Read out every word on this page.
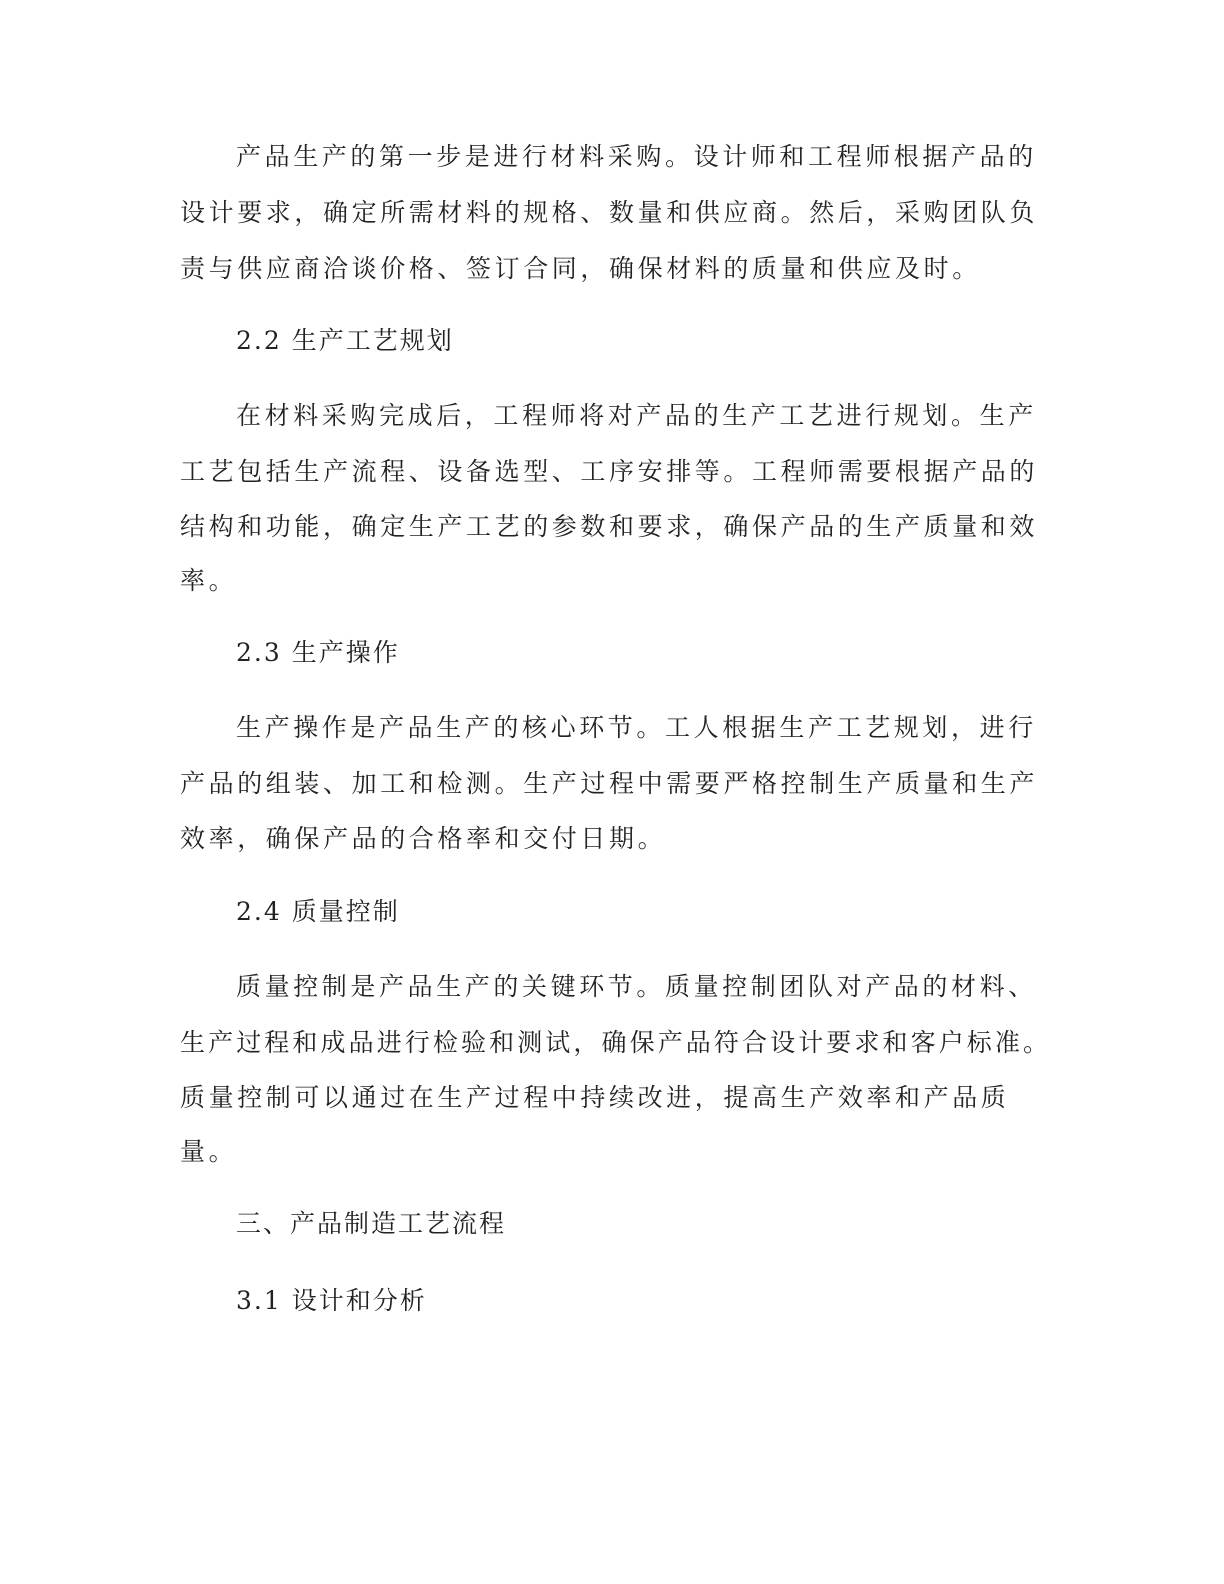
产品生产的第一步是进行材料采购。设计师和工程师根据产品的
设计要求，确定所需材料的规格、数量和供应商。然后，采购团队负
责与供应商洽谈价格、签订合同，确保材料的质量和供应及时。
2.2 生产工艺规划
在材料采购完成后，工程师将对产品的生产工艺进行规划。生产
工艺包括生产流程、设备选型、工序安排等。工程师需要根据产品的
结构和功能，确定生产工艺的参数和要求，确保产品的生产质量和效
率。
2.3 生产操作
生产操作是产品生产的核心环节。工人根据生产工艺规划，进行
产品的组装、加工和检测。生产过程中需要严格控制生产质量和生产
效率，确保产品的合格率和交付日期。
2.4 质量控制
质量控制是产品生产的关键环节。质量控制团队对产品的材料、
生产过程和成品进行检验和测试，确保产品符合设计要求和客户标准。
质量控制可以通过在生产过程中持续改进，提高生产效率和产品质
量。
三、产品制造工艺流程
3.1 设计和分析
